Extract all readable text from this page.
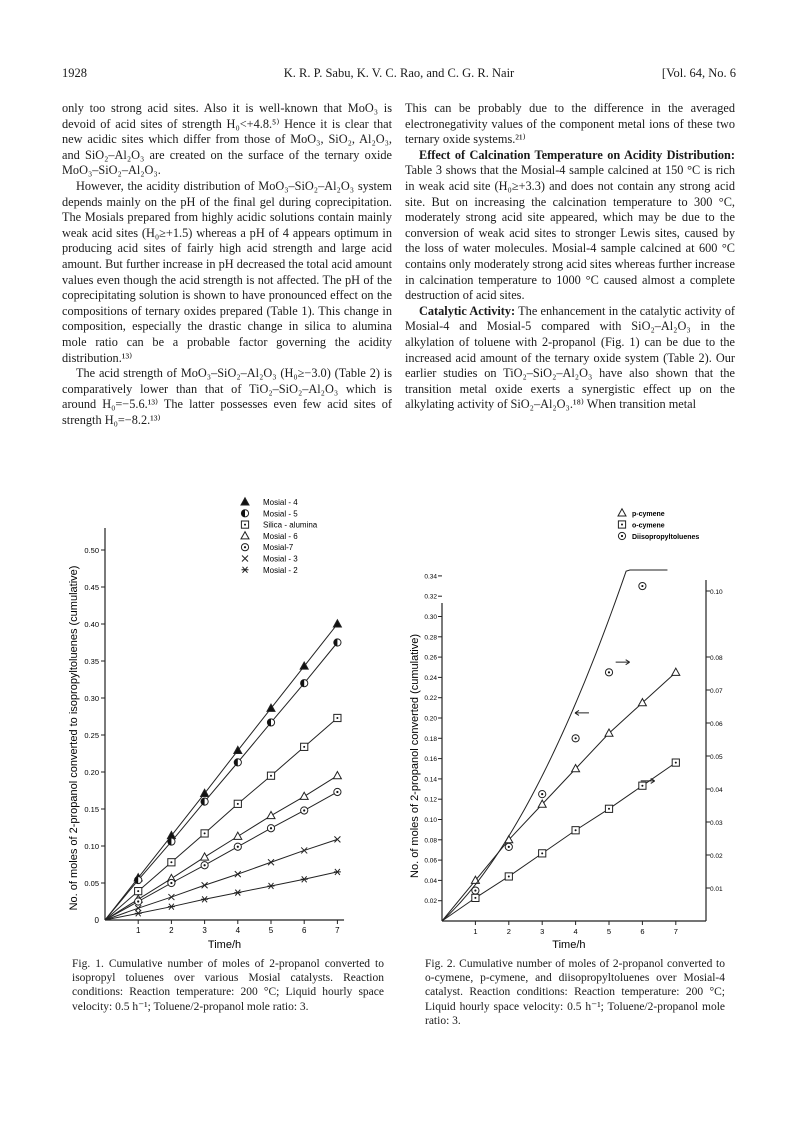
1928	K. R. P. Sabu, K. V. C. Rao, and C. G. R. Nair	[Vol. 64, No. 6

only too strong acid sites. Also it is well-known that MoO₃ is devoid of acid sites of strength H₀<+4.8.⁵⁾ Hence it is clear that new acidic sites which differ from those of MoO₃, SiO₂, Al₂O₃, and SiO₂–Al₂O₃ are created on the surface of the ternary oxide MoO₃–SiO₂–Al₂O₃.

However, the acidity distribution of MoO₃–SiO₂–Al₂O₃ system depends mainly on the pH of the final gel during coprecipitation. The Mosials prepared from highly acidic solutions contain mainly weak acid sites (H₀≥+1.5) whereas a pH of 4 appears optimum in producing acid sites of fairly high acid strength and large acid amount. But further increase in pH decreased the total acid amount values even though the acid strength is not affected. The pH of the coprecipitating solution is shown to have pronounced effect on the compositions of ternary oxides prepared (Table 1). This change in composition, especially the drastic change in silica to alumina mole ratio can be a probable factor governing the acidity distribution.¹³⁾

The acid strength of MoO₃–SiO₂–Al₂O₃ (H₀≥−3.0) (Table 2) is comparatively lower than that of TiO₂–SiO₂–Al₂O₃ which is around H₀=−5.6.¹³⁾ The latter possesses even few acid sites of strength H₀=−8.2.¹³⁾

This can be probably due to the difference in the averaged electronegativity values of the component metal ions of these two ternary oxide systems.²¹⁾

Effect of Calcination Temperature on Acidity Distribution: Table 3 shows that the Mosial-4 sample calcined at 150 °C is rich in weak acid site (H₀≥+3.3) and does not contain any strong acid site. But on increasing the calcination temperature to 300 °C, moderately strong acid site appeared, which may be due to the conversion of weak acid sites to stronger Lewis sites, caused by the loss of water molecules. Mosial-4 sample calcined at 600 °C contains only moderately strong acid sites whereas further increase in calcination temperature to 1000 °C caused almost a complete destruction of acid sites.

Catalytic Activity: The enhancement in the catalytic activity of Mosial-4 and Mosial-5 compared with SiO₂–Al₂O₃ in the alkylation of toluene with 2-propanol (Fig. 1) can be due to the increased acid amount of the ternary oxide system (Table 2). Our earlier studies on TiO₂–SiO₂–Al₂O₃ have also shown that the transition metal oxide exerts a synergistic effect up on the alkylating activity of SiO₂–Al₂O₃.¹⁸⁾ When transition metal

0
0.05
0.10
0.15
0.20
0.25
0.30
0.35
0.40
0.45
0.50
1	2	3	4	5	6	7
Time/h
No. of moles of 2-propanol converted to isopropyltoluenes (cumulative)
Mosial - 4
Mosial - 5
Silica - alumina
Mosial - 6
Mosial-7
Mosial - 3
Mosial - 2
0.02
0.04
0.06
0.08
0.10
0.12
0.14
0.16
0.18
0.20
0.22
0.24
0.26
0.28
0.30
0.32
0.34
0.01
0.02
0.03
0.04
0.05
0.06
0.07
0.08
0.10
1	2	3	4	5	6	7
Time/h
No. of moles of 2-propanol converted (cumulative)
p-cymene
o-cymene
Diisopropyltoluenes
Fig. 1. Cumulative number of moles of 2-propanol converted to isopropyl toluenes over various Mosial catalysts. Reaction conditions: Reaction temperature: 200 °C; Liquid hourly space velocity: 0.5 h⁻¹; Toluene/2-propanol mole ratio: 3.
Fig. 2. Cumulative number of moles of 2-propanol converted to o-cymene, p-cymene, and diisopropyltoluenes over Mosial-4 catalyst. Reaction conditions: Reaction temperature: 200 °C; Liquid hourly space velocity: 0.5 h⁻¹; Toluene/2-propanol mole ratio: 3.
